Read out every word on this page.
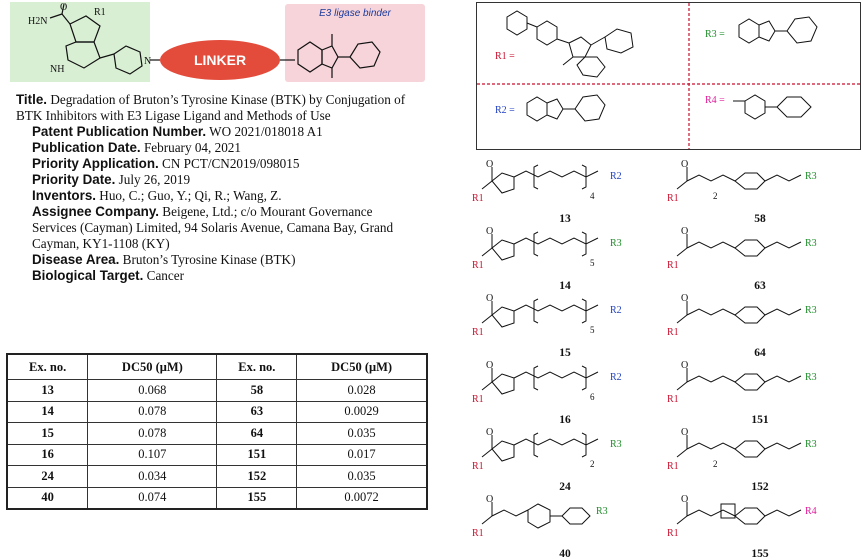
R1
H2N
O
NH
N	LINKER
E3 ligase binder

Title. Degradation of Bruton’s Tyrosine Kinase (BTK) by Conjugation of BTK Inhibitors with E3 Ligase Ligand and Methods of Use

Patent Publication Number. WO 2021/018018 A1

Publication Date. February 04, 2021

Priority Application. CN PCT/CN2019/098015

Priority Date. July 26, 2019

Inventors. Huo, C.; Guo, Y.; Qi, R.; Wang, Z.

Assignee Company. Beigene, Ltd.; c/o Mourant Governance Services (Cayman) Limited, 94 Solaris Avenue, Camana Bay, Grand Cayman, KY1-1108 (KY)

Disease Area. Bruton’s Tyrosine Kinase (BTK)

Biological Target. Cancer

Ex. no.	DC50 (μM)	Ex. no.	DC50 (μM)
13	0.068	58	0.028
14	0.078	63	0.0029
15	0.078	64	0.035
16	0.107	151	0.017
24	0.034	152	0.035
40	0.074	155	0.0072
R1 =
R3 =
R2 =
R4 =
O
R1	4
R2
13
O
R1	2
R3
58
O
R1	5
R3
14
O
R1
R3
63
O
R1	5
R2
15
O
R1
R3
64
O
R1	6
R2
16
O
R1
R3
151
O
R1	2
R3
24
O
R1	2
R3
152
O
R1
R3
40
O
R1
R4
155
